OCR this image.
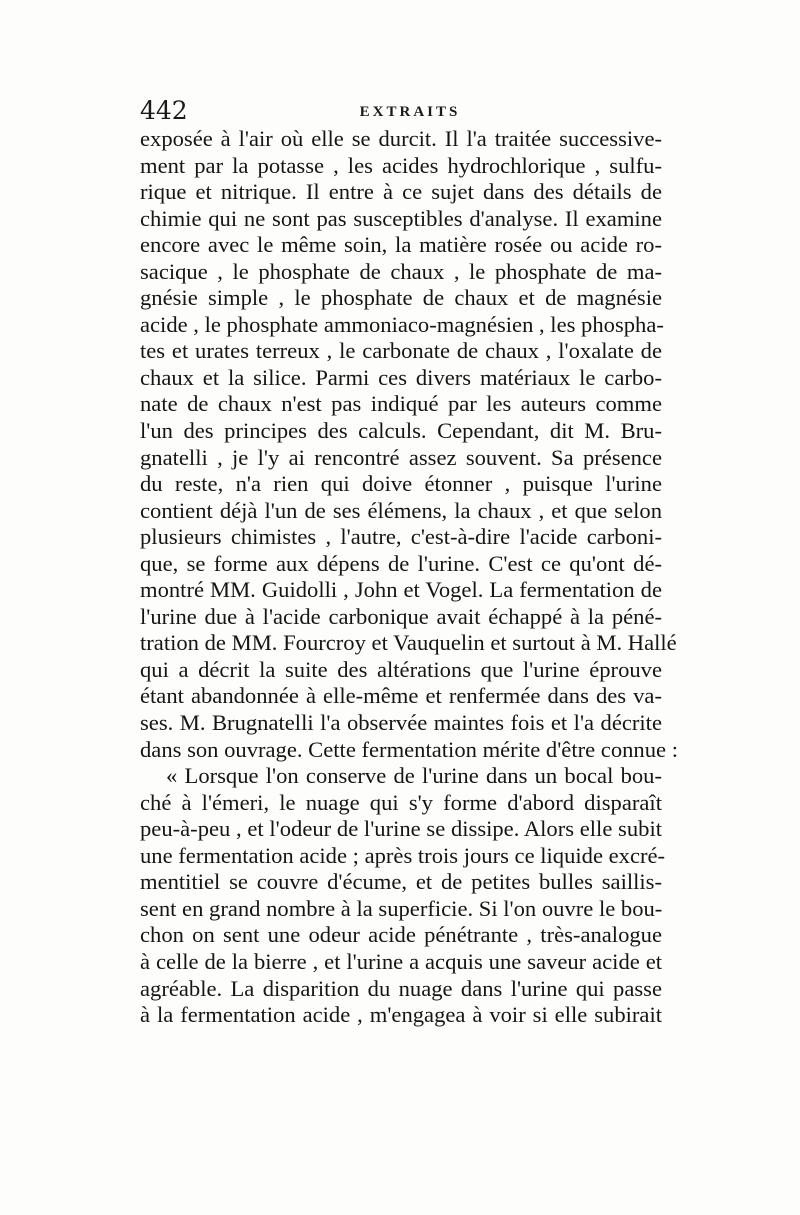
442	EXTRAITS
exposée à l'air où elle se durcit. Il l'a traitée successive-
ment par la potasse , les acides hydrochlorique , sulfu-
rique et nitrique. Il entre à ce sujet dans des détails de
chimie qui ne sont pas susceptibles d'analyse. Il examine
encore avec le même soin, la matière rosée ou acide ro-
sacique , le phosphate de chaux , le phosphate de ma-
gnésie simple , le phosphate de chaux et de magnésie
acide , le phosphate ammoniaco-magnésien , les phospha-
tes et urates terreux , le carbonate de chaux , l'oxalate de
chaux et la silice. Parmi ces divers matériaux le carbo-
nate de chaux n'est pas indiqué par les auteurs comme
l'un des principes des calculs. Cependant, dit M. Bru-
gnatelli , je l'y ai rencontré assez souvent. Sa présence
du reste, n'a rien qui doive étonner , puisque l'urine
contient déjà l'un de ses élémens, la chaux , et que selon
plusieurs chimistes , l'autre, c'est-à-dire l'acide carboni-
que, se forme aux dépens de l'urine. C'est ce qu'ont dé-
montré MM. Guidolli , John et Vogel. La fermentation de
l'urine due à l'acide carbonique avait échappé à la péné-
tration de MM. Fourcroy et Vauquelin et surtout à M. Hallé
qui a décrit la suite des altérations que l'urine éprouve
étant abandonnée à elle-même et renfermée dans des va-
ses. M. Brugnatelli l'a observée maintes fois et l'a décrite
dans son ouvrage. Cette fermentation mérite d'être connue :
« Lorsque l'on conserve de l'urine dans un bocal bou-
ché à l'émeri, le nuage qui s'y forme d'abord disparaît
peu-à-peu , et l'odeur de l'urine se dissipe. Alors elle subit
une fermentation acide ; après trois jours ce liquide excré-
mentitiel se couvre d'écume, et de petites bulles saillis-
sent en grand nombre à la superficie. Si l'on ouvre le bou-
chon on sent une odeur acide pénétrante , très-analogue
à celle de la bierre , et l'urine a acquis une saveur acide et
agréable. La disparition du nuage dans l'urine qui passe
à la fermentation acide , m'engagea à voir si elle subirait
